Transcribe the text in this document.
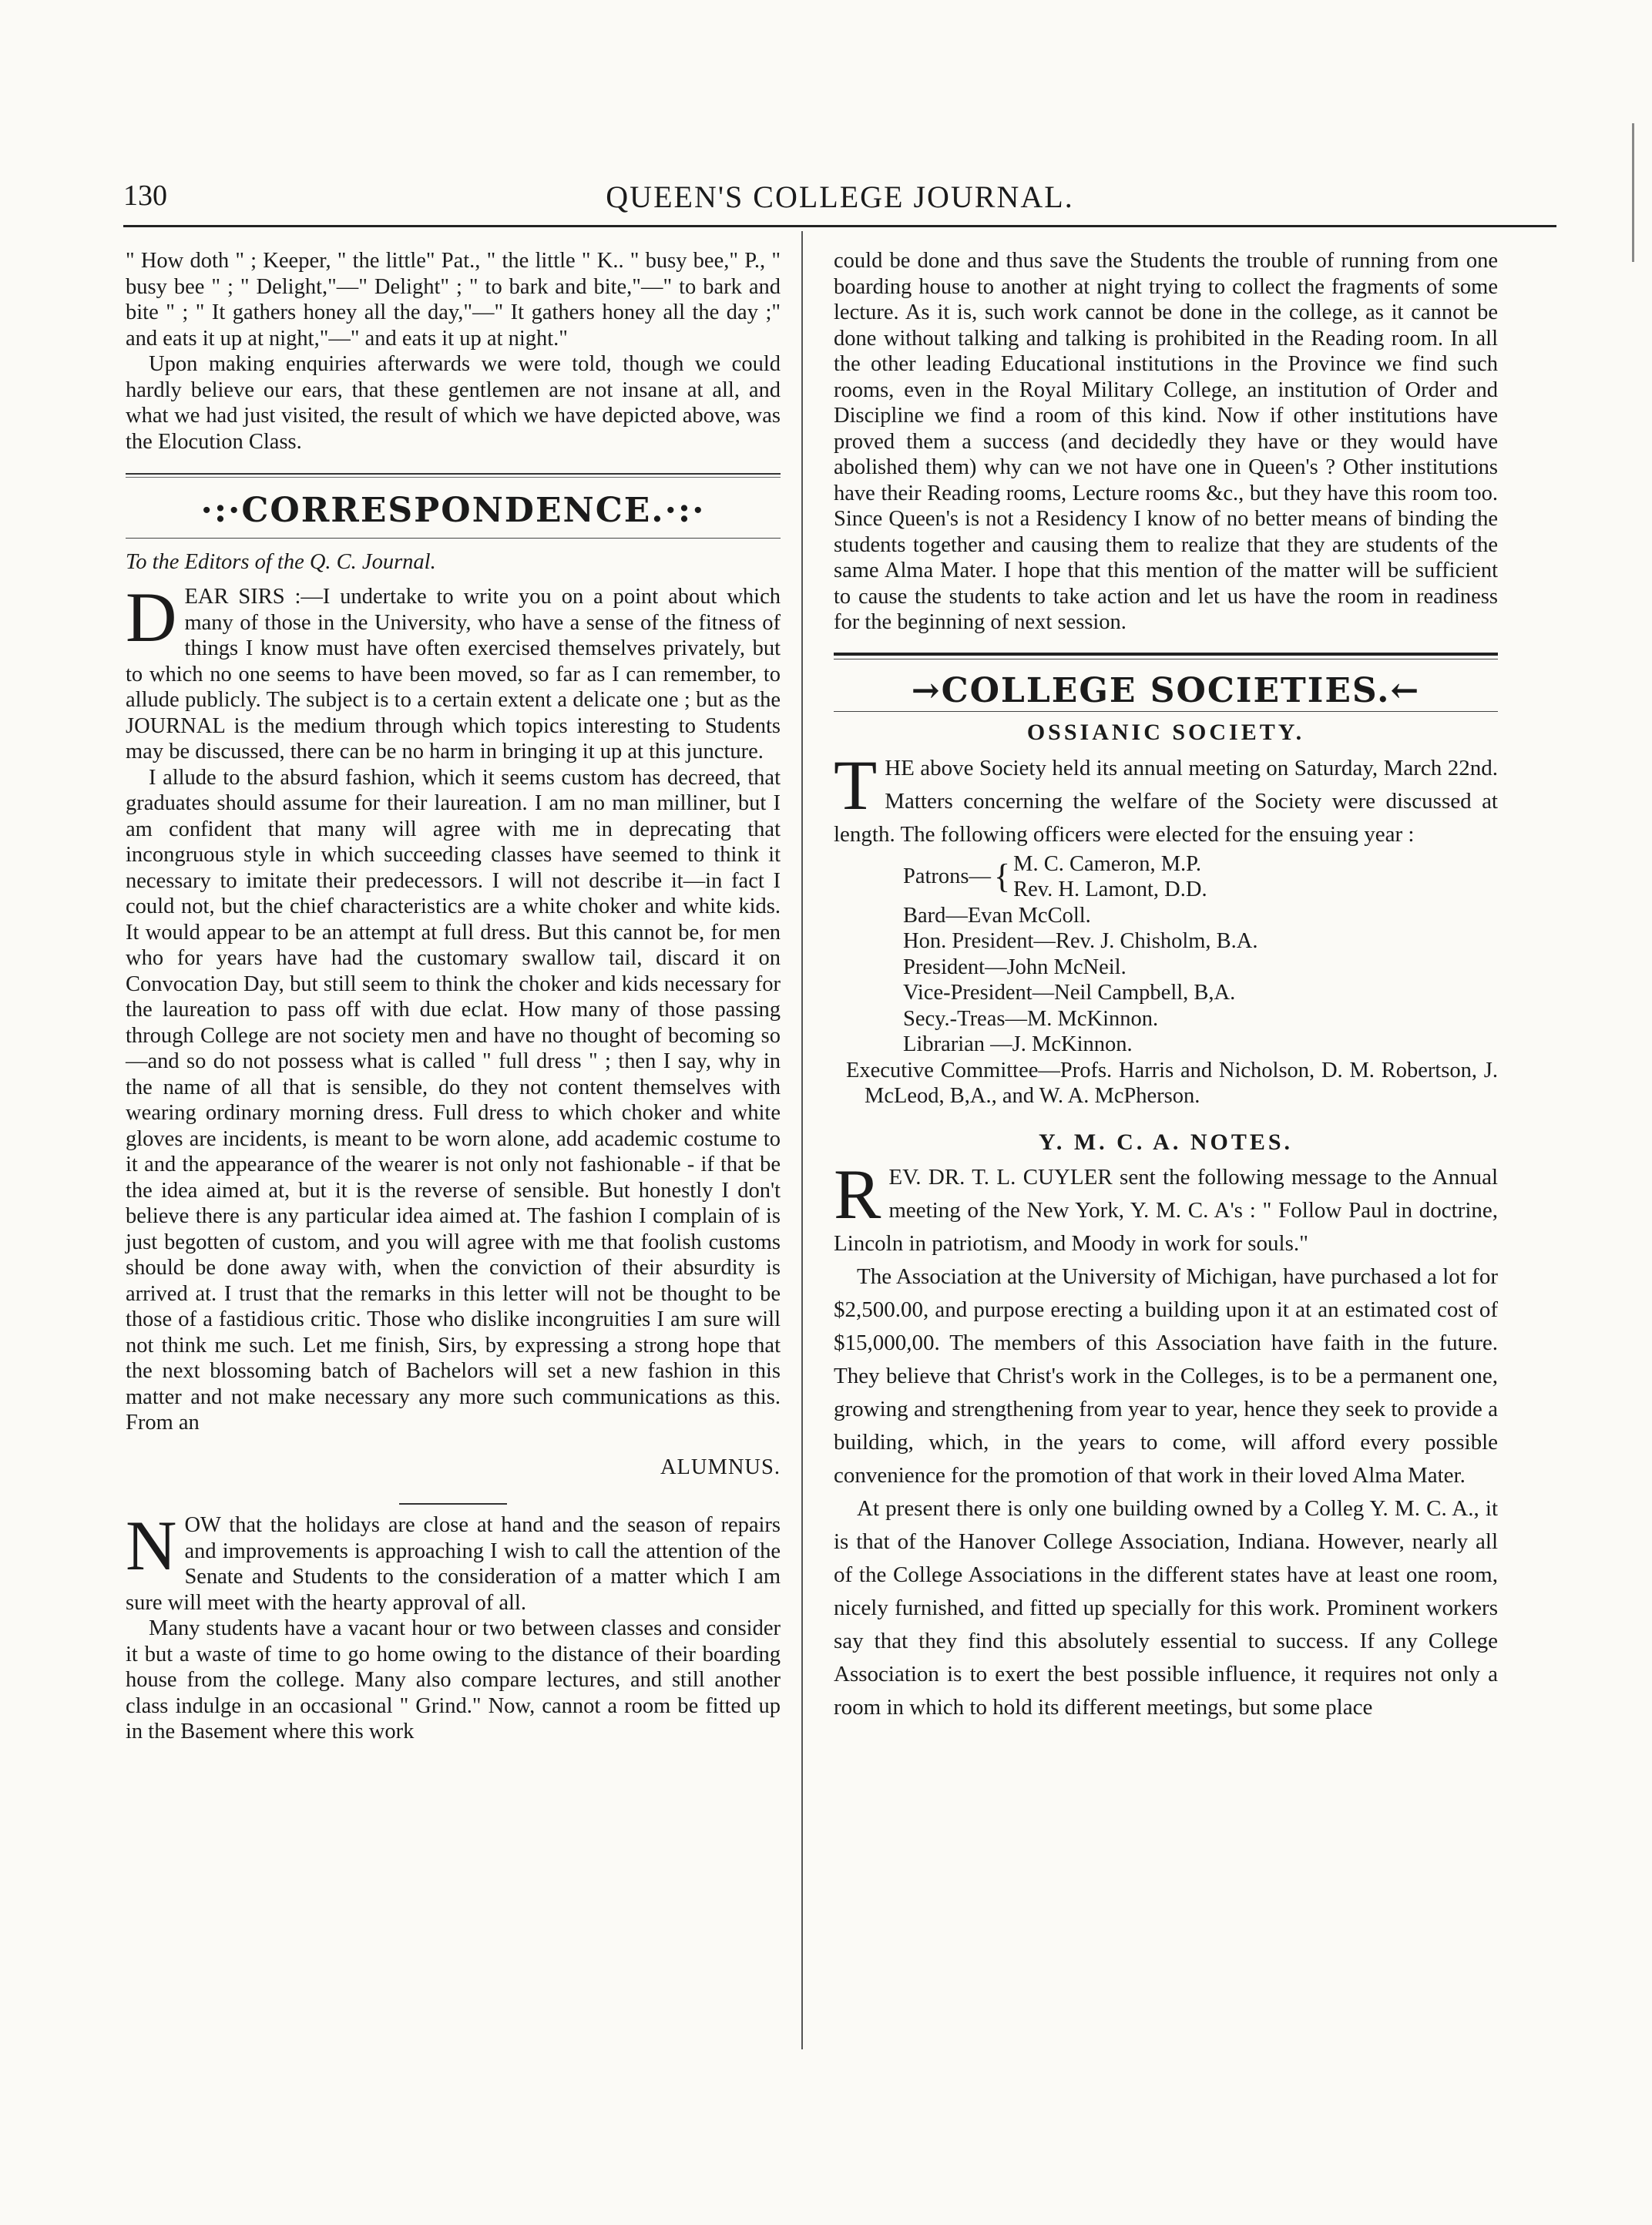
130	QUEEN'S COLLEGE JOURNAL.

" How doth " ; Keeper, " the little" Pat., " the little " K.. " busy bee," P., " busy bee " ; " Delight,"—" Delight" ; " to bark and bite,"—" to bark and bite " ; " It gathers honey all the day,"—" It gathers honey all the day ;" and eats it up at night,"—" and eats it up at night."

Upon making enquiries afterwards we were told, though we could hardly believe our ears, that these gentlemen are not insane at all, and what we had just visited, the result of which we have depicted above, was the Elocution Class.

·:·CORRESPONDENCE.·:·

To the Editors of the Q. C. Journal.

DEAR SIRS :—I undertake to write you on a point about which many of those in the University, who have a sense of the fitness of things I know must have often exercised themselves privately, but to which no one seems to have been moved, so far as I can remember, to allude publicly. The subject is to a certain extent a delicate one ; but as the JOURNAL is the medium through which topics interesting to Students may be discussed, there can be no harm in bringing it up at this juncture.

I allude to the absurd fashion, which it seems custom has decreed, that graduates should assume for their laureation. I am no man milliner, but I am confident that many will agree with me in deprecating that incongruous style in which succeeding classes have seemed to think it necessary to imitate their predecessors. I will not describe it—in fact I could not, but the chief characteristics are a white choker and white kids. It would appear to be an attempt at full dress. But this cannot be, for men who for years have had the customary swallow tail, discard it on Convocation Day, but still seem to think the choker and kids necessary for the laureation to pass off with due eclat. How many of those passing through College are not society men and have no thought of becoming so—and so do not possess what is called " full dress " ; then I say, why in the name of all that is sensible, do they not content themselves with wearing ordinary morning dress. Full dress to which choker and white gloves are incidents, is meant to be worn alone, add academic costume to it and the appearance of the wearer is not only not fashionable - if that be the idea aimed at, but it is the reverse of sensible. But honestly I don't believe there is any particular idea aimed at. The fashion I complain of is just begotten of custom, and you will agree with me that foolish customs should be done away with, when the conviction of their absurdity is arrived at. I trust that the remarks in this letter will not be thought to be those of a fastidious critic. Those who dislike incongruities I am sure will not think me such. Let me finish, Sirs, by expressing a strong hope that the next blossoming batch of Bachelors will set a new fashion in this matter and not make necessary any more such communications as this. From an

ALUMNUS.

NOW that the holidays are close at hand and the season of repairs and improvements is approaching I wish to call the attention of the Senate and Students to the consideration of a matter which I am sure will meet with the hearty approval of all.

Many students have a vacant hour or two between classes and consider it but a waste of time to go home owing to the distance of their boarding house from the college. Many also compare lectures, and still another class indulge in an occasional " Grind." Now, cannot a room be fitted up in the Basement where this work

could be done and thus save the Students the trouble of running from one boarding house to another at night trying to collect the fragments of some lecture. As it is, such work cannot be done in the college, as it cannot be done without talking and talking is prohibited in the Reading room. In all the other leading Educational institutions in the Province we find such rooms, even in the Royal Military College, an institution of Order and Discipline we find a room of this kind. Now if other institutions have proved them a success (and decidedly they have or they would have abolished them) why can we not have one in Queen's ? Other institutions have their Reading rooms, Lecture rooms &c., but they have this room too. Since Queen's is not a Residency I know of no better means of binding the students together and causing them to realize that they are students of the same Alma Mater. I hope that this mention of the matter will be sufficient to cause the students to take action and let us have the room in readiness for the beginning of next session.

→COLLEGE SOCIETIES.←
OSSIANIC SOCIETY.

THE above Society held its annual meeting on Saturday, March 22nd. Matters concerning the welfare of the Society were discussed at length. The following officers were elected for the ensuing year :

Patrons— { M. C. Cameron, M.P.
Rev. H. Lamont, D.D.

Bard—Evan McColl.

Hon. President—Rev. J. Chisholm, B.A.

President—John McNeil.

Vice-President—Neil Campbell, B,A.

Secy.-Treas—M. McKinnon.

Librarian —J. McKinnon.

Executive Committee—Profs. Harris and Nicholson, D. M. Robertson, J. McLeod, B,A., and W. A. McPherson.

Y. M. C. A. NOTES.

REV. DR. T. L. CUYLER sent the following message to the Annual meeting of the New York, Y. M. C. A's : " Follow Paul in doctrine, Lincoln in patriotism, and Moody in work for souls."

The Association at the University of Michigan, have purchased a lot for $2,500.00, and purpose erecting a building upon it at an estimated cost of $15,000,00. The members of this Association have faith in the future. They believe that Christ's work in the Colleges, is to be a permanent one, growing and strengthening from year to year, hence they seek to provide a building, which, in the years to come, will afford every possible convenience for the promotion of that work in their loved Alma Mater.

At present there is only one building owned by a Colleg Y. M. C. A., it is that of the Hanover College Association, Indiana. However, nearly all of the College Associations in the different states have at least one room, nicely furnished, and fitted up specially for this work. Prominent workers say that they find this absolutely essential to success. If any College Association is to exert the best possible influence, it requires not only a room in which to hold its different meetings, but some place
